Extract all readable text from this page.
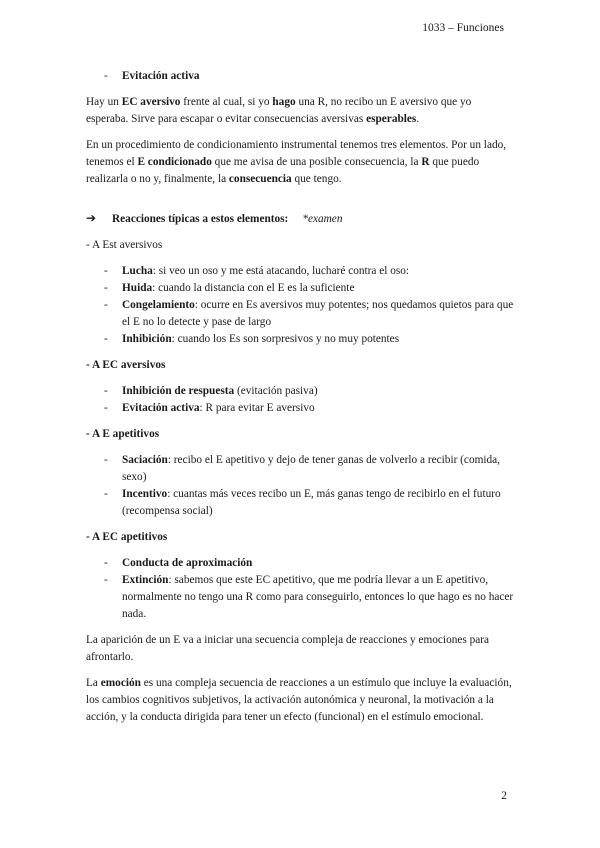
1033 – Funciones
- Evitación activa

Hay un EC aversivo frente al cual, si yo hago una R, no recibo un E aversivo que yo esperaba. Sirve para escapar o evitar consecuencias aversivas esperables.

En un procedimiento de condicionamiento instrumental tenemos tres elementos. Por un lado, tenemos el E condicionado que me avisa de una posible consecuencia, la R que puedo realizarla o no y, finalmente, la consecuencia que tengo.

➔ Reacciones típicas a estos elementos: *examen
- A Est aversivos
- Lucha: si veo un oso y me está atacando, lucharé contra el oso:
- Huida: cuando la distancia con el E es la suficiente
- Congelamiento: ocurre en Es aversivos muy potentes; nos quedamos quietos para que el E no lo detecte y pase de largo
- Inhibición: cuando los Es son sorpresivos y no muy potentes
- A EC aversivos
- Inhibición de respuesta (evitación pasiva)
- Evitación activa: R para evitar E aversivo
- A E apetitivos
- Saciación: recibo el E apetitivo y dejo de tener ganas de volverlo a recibir (comida, sexo)
- Incentivo: cuantas más veces recibo un E, más ganas tengo de recibirlo en el futuro (recompensa social)
- A EC apetitivos
- Conducta de aproximación
- Extinción: sabemos que este EC apetitivo, que me podría llevar a un E apetitivo, normalmente no tengo una R como para conseguirlo, entonces lo que hago es no hacer nada.

La aparición de un E va a iniciar una secuencia compleja de reacciones y emociones para afrontarlo.

La emoción es una compleja secuencia de reacciones a un estímulo que incluye la evaluación, los cambios cognitivos subjetivos, la activación autonómica y neuronal, la motivación a la acción, y la conducta dirigida para tener un efecto (funcional) en el estímulo emocional.

2
